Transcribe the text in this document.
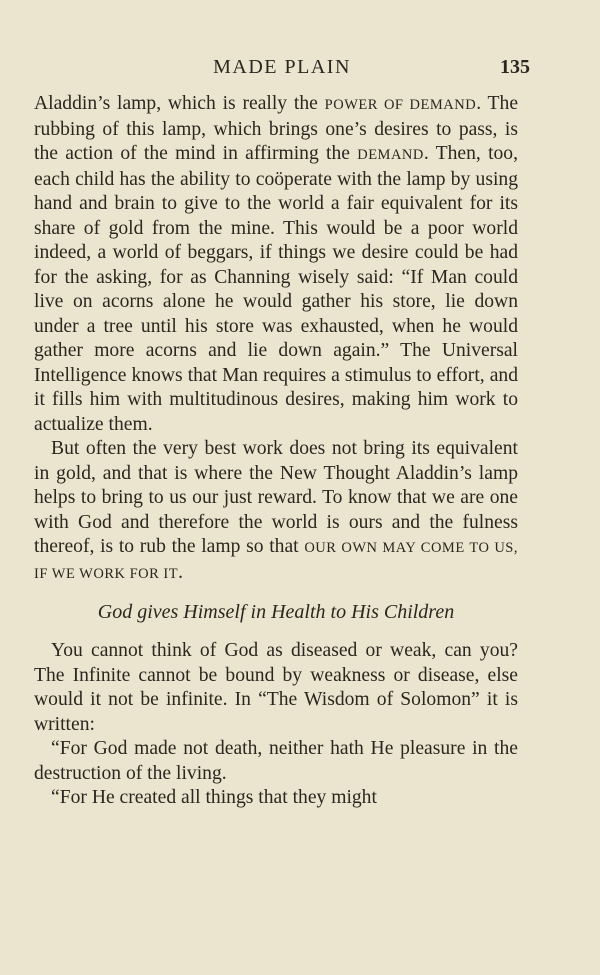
MADE PLAIN	135

Aladdin’s lamp, which is really the POWER OF DEMAND. The rubbing of this lamp, which brings one’s desires to pass, is the action of the mind in affirming the DEMAND. Then, too, each child has the ability to coöperate with the lamp by using hand and brain to give to the world a fair equivalent for its share of gold from the mine. This would be a poor world indeed, a world of beggars, if things we desire could be had for the asking, for as Channing wisely said: “If Man could live on acorns alone he would gather his store, lie down under a tree until his store was exhausted, when he would gather more acorns and lie down again.” The Universal Intelligence knows that Man requires a stimulus to effort, and it fills him with multitudinous desires, making him work to actualize them.

But often the very best work does not bring its equivalent in gold, and that is where the New Thought Aladdin’s lamp helps to bring to us our just reward. To know that we are one with God and therefore the world is ours and the fulness thereof, is to rub the lamp so that OUR OWN MAY COME TO US, IF WE WORK FOR IT.

God gives Himself in Health to His Children

You cannot think of God as diseased or weak, can you? The Infinite cannot be bound by weakness or disease, else would it not be infinite. In “The Wisdom of Solomon” it is written:

“For God made not death, neither hath He pleasure in the destruction of the living.

“For He created all things that they might
